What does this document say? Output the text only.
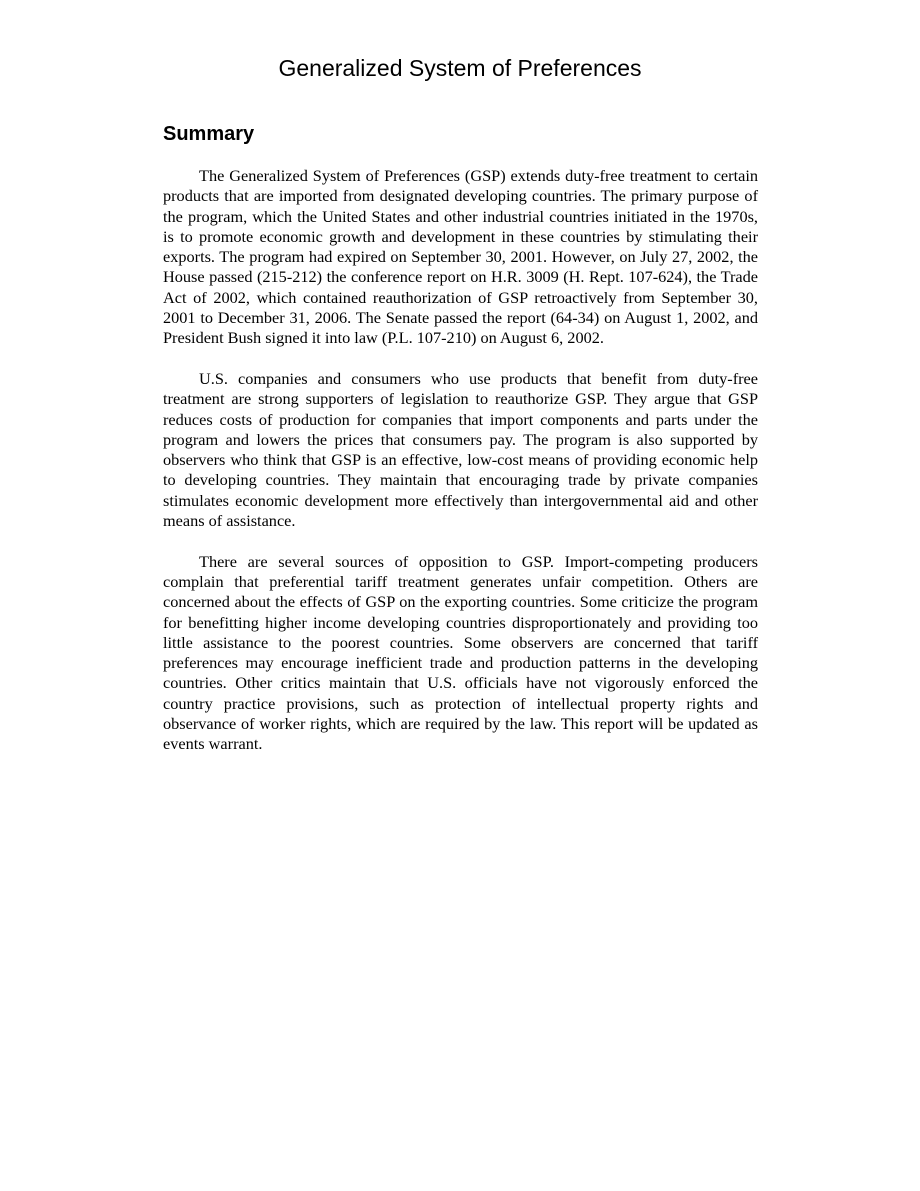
Generalized System of Preferences
Summary

The Generalized System of Preferences (GSP) extends duty-free treatment to certain products that are imported from designated developing countries. The primary purpose of the program, which the United States and other industrial countries initiated in the 1970s, is to promote economic growth and development in these countries by stimulating their exports. The program had expired on September 30, 2001. However, on July 27, 2002, the House passed (215-212) the conference report on H.R. 3009 (H. Rept. 107-624), the Trade Act of 2002, which contained reauthorization of GSP retroactively from September 30, 2001 to December 31, 2006. The Senate passed the report (64-34) on August 1, 2002, and President Bush signed it into law (P.L. 107-210) on August 6, 2002.

U.S. companies and consumers who use products that benefit from duty-free treatment are strong supporters of legislation to reauthorize GSP. They argue that GSP reduces costs of production for companies that import components and parts under the program and lowers the prices that consumers pay. The program is also supported by observers who think that GSP is an effective, low-cost means of providing economic help to developing countries. They maintain that encouraging trade by private companies stimulates economic development more effectively than intergovernmental aid and other means of assistance.

There are several sources of opposition to GSP. Import-competing producers complain that preferential tariff treatment generates unfair competition. Others are concerned about the effects of GSP on the exporting countries. Some criticize the program for benefitting higher income developing countries disproportionately and providing too little assistance to the poorest countries. Some observers are concerned that tariff preferences may encourage inefficient trade and production patterns in the developing countries. Other critics maintain that U.S. officials have not vigorously enforced the country practice provisions, such as protection of intellectual property rights and observance of worker rights, which are required by the law. This report will be updated as events warrant.
